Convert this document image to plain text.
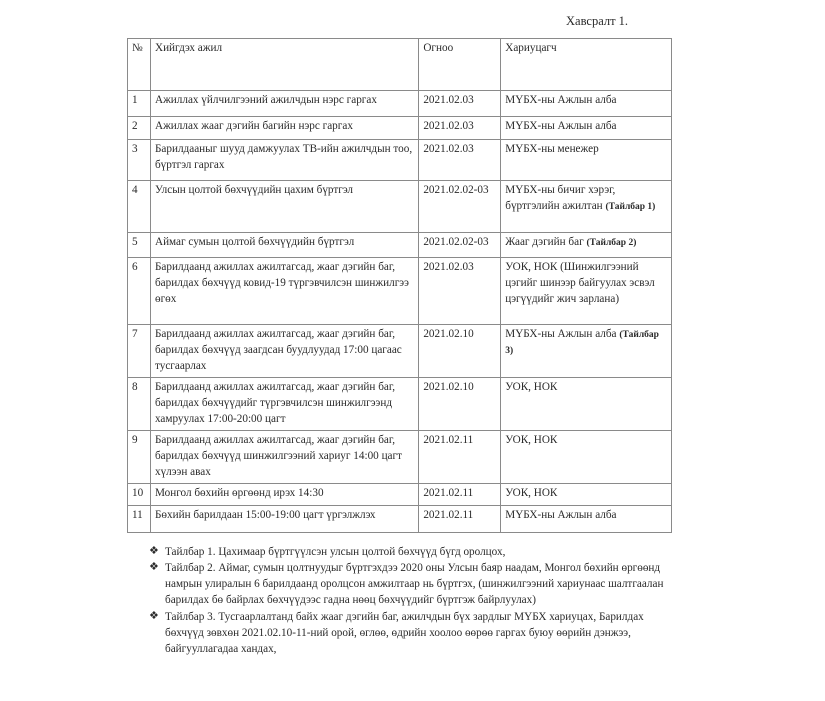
Хавсралт 1.
№	Хийгдэх ажил	Огноо	Хариуцагч
1	Ажиллах үйлчилгээний ажилчдын нэрс гаргах	2021.02.03	МҮБХ-ны Ажлын алба
2	Ажиллах жааг дэгийн багийн нэрс гаргах	2021.02.03	МҮБХ-ны Ажлын алба
3	Барилдааныг шууд дамжуулах ТВ-ийн ажилчдын тоо, бүртгэл гаргах	2021.02.03	МҮБХ-ны менежер
4	Улсын цолтой бөхчүүдийн цахим бүртгэл	2021.02.02-03	МҮБХ-ны бичиг хэрэг, бүртгэлийн ажилтан (Тайлбар 1)
5	Аймаг сумын цолтой бөхчүүдийн бүртгэл	2021.02.02-03	Жааг дэгийн баг (Тайлбар 2)
6	Барилдаанд ажиллах ажилтагсад, жааг дэгийн баг, барилдах бөхчүүд ковид-19 түргэвчилсэн шинжилгээ өгөх	2021.02.03	УОК, НОК (Шинжилгээний цэгийг шинээр байгуулах эсвэл цэгүүдийг жич зарлана)
7	Барилдаанд ажиллах ажилтагсад, жааг дэгийн баг, барилдах бөхчүүд заагдсан буудлуудад 17:00 цагаас тусгаарлах	2021.02.10	МҮБХ-ны Ажлын алба (Тайлбар 3)
8	Барилдаанд ажиллах ажилтагсад, жааг дэгийн баг, барилдах бөхчүүдийг түргэвчилсэн шинжилгээнд хамруулах 17:00-20:00 цагт	2021.02.10	УОК, НОК
9	Барилдаанд ажиллах ажилтагсад, жааг дэгийн баг, барилдах бөхчүүд шинжилгээний хариуг 14:00 цагт хүлээн авах	2021.02.11	УОК, НОК
10	Монгол бөхийн өргөөнд ирэх 14:30	2021.02.11	УОК, НОК
11	Бөхийн барилдаан 15:00-19:00 цагт үргэлжлэх	2021.02.11	МҮБХ-ны Ажлын алба
❖ Тайлбар 1. Цахимаар бүртгүүлсэн улсын цолтой бөхчүүд бүгд оролцох,
❖ Тайлбар 2. Аймаг, сумын цолтнуудыг бүртгэхдээ 2020 оны Улсын баяр наадам, Монгол бөхийн өргөөнд намрын улиралын 6 барилдаанд оролцсон амжилтаар нь бүртгэх, (шинжилгээний хариунаас шалтгаалан барилдах бө байрлах бөхчүүдээс гадна нөөц бөхчүүдийг бүртгэж байрлуулах)
❖ Тайлбар 3. Тусгаарлалтанд байх жааг дэгийн баг, ажилчдын бүх зардлыг МҮБХ хариуцах, Барилдах бөхчүүд зөвхөн 2021.02.10-11-ний орой, өглөө, өдрийн хоолоо өөрөө гаргах буюу өөрийн дэнжээ, байгууллагадаа хандах,
